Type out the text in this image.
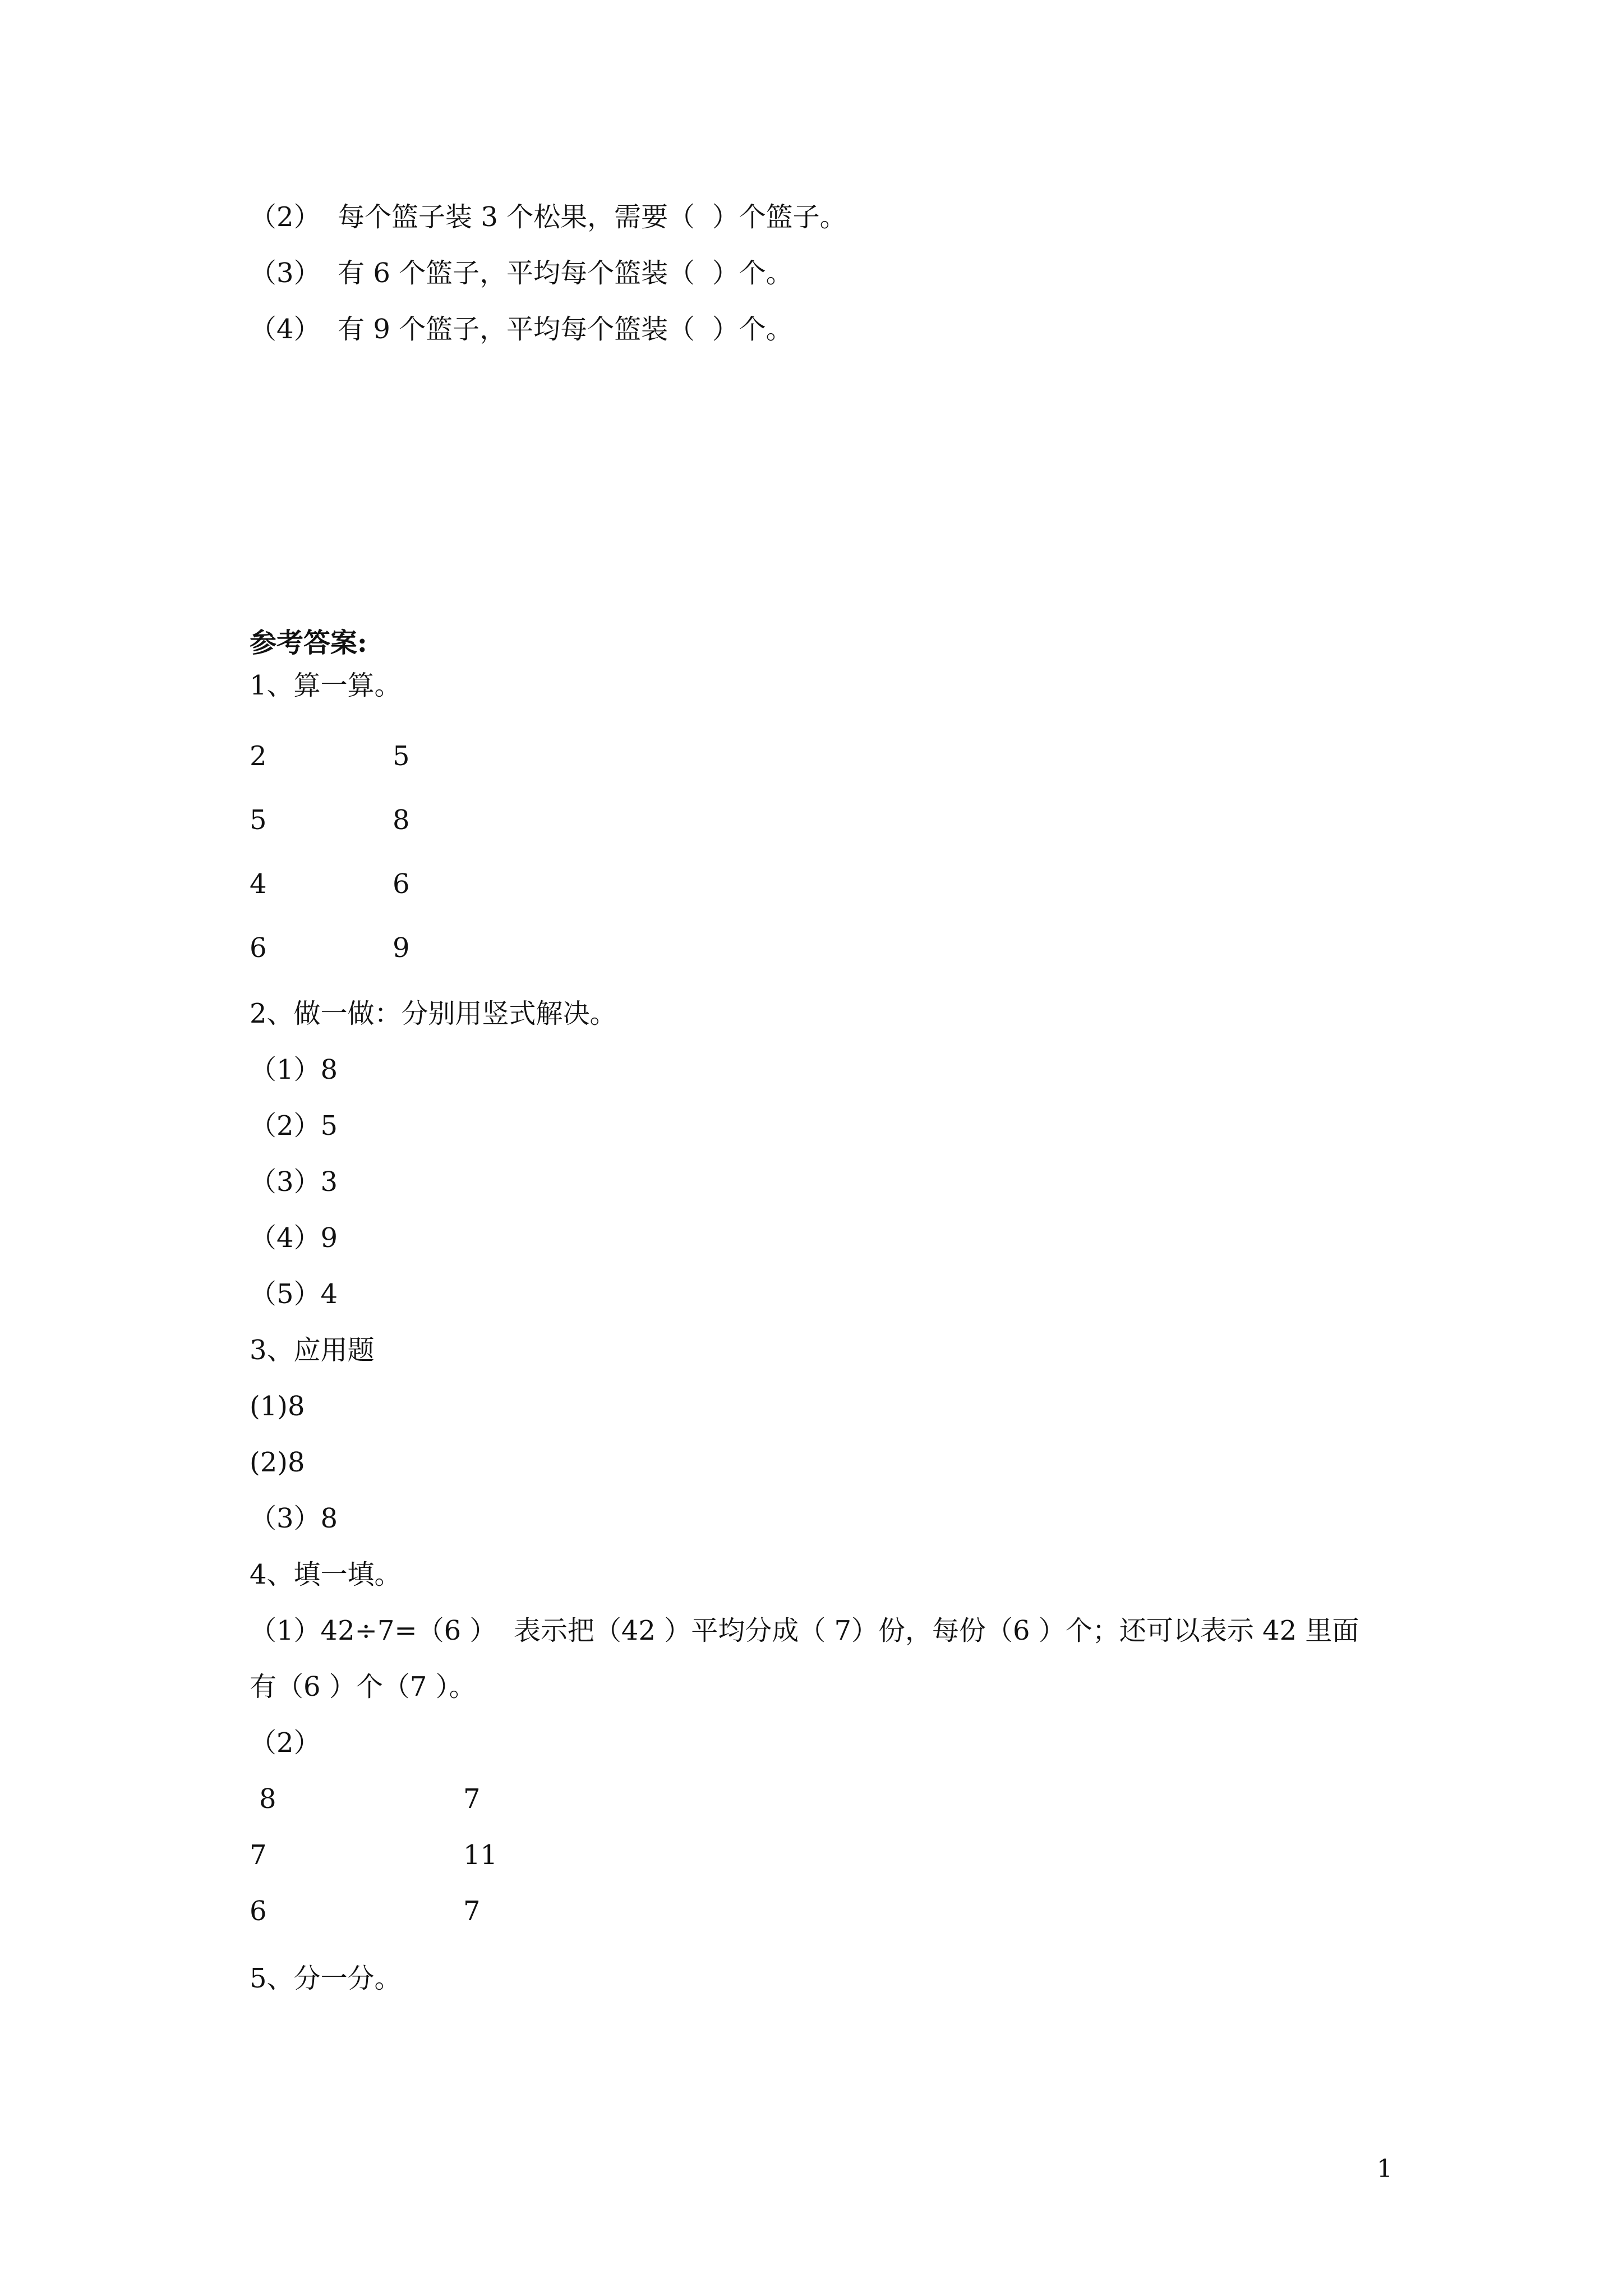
（2）  每个篮子装 3 个松果，需要（  ）个篮子。
（3）  有 6 个篮子，平均每个篮装（  ）个。
（4）  有 9 个篮子，平均每个篮装（  ）个。
参考答案:
1、算一算。
2	5
5	8
4	6
6	9
2、做一做：分别用竖式解决。
（1）8
（2）5
（3）3
（4）9
（5）4
3、应用题
(1)8
(2)8
（3）8
4、填一填。
（1）42÷7=（6 ）  表示把（42 ）平均分成（ 7）份，每份（6 ）个；还可以表示 42 里面
有（6 ）个（7 ）。
（2）
8	7
7	11
6	7
5、分一分。
1
